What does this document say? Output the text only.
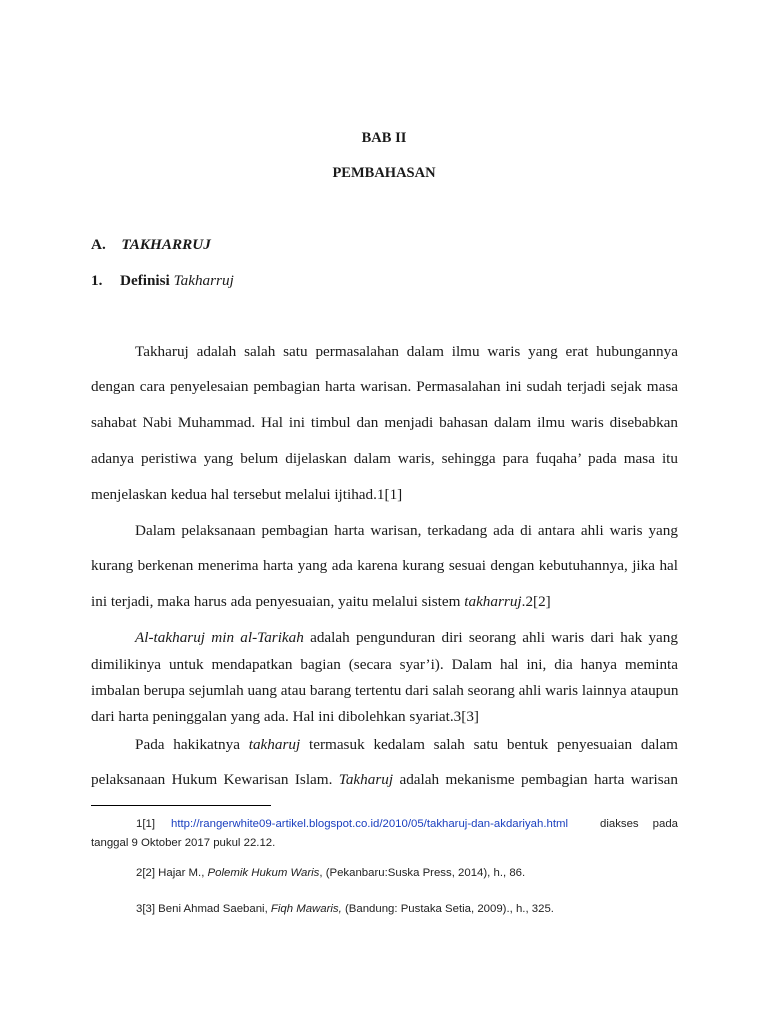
BAB II
PEMBAHASAN
A. TAKHARRUJ
1. Definisi Takharruj
Takharuj adalah salah satu permasalahan dalam ilmu waris yang erat hubungannya
dengan cara penyelesaian pembagian harta warisan. Permasalahan ini sudah terjadi sejak masa
sahabat Nabi Muhammad. Hal ini timbul dan menjadi bahasan dalam ilmu waris disebabkan
adanya peristiwa yang belum dijelaskan dalam waris, sehingga para fuqaha’ pada masa itu
menjelaskan kedua hal tersebut melalui ijtihad.1[1]
Dalam pelaksanaan pembagian harta warisan, terkadang ada di antara ahli waris yang
kurang berkenan menerima harta yang ada karena kurang sesuai dengan kebutuhannya, jika hal
ini terjadi, maka harus ada penyesuaian, yaitu melalui sistem takharruj.2[2]
Al-takharuj min al-Tarikah adalah pengunduran diri seorang ahli waris dari hak yang
dimilikinya untuk mendapatkan bagian (secara syar’i). Dalam hal ini, dia hanya meminta
imbalan berupa sejumlah uang atau barang tertentu dari salah seorang ahli waris lainnya ataupun
dari harta peninggalan yang ada. Hal ini dibolehkan syariat.3[3]
Pada hakikatnya takharuj termasuk kedalam salah satu bentuk penyesuaian dalam
pelaksanaan Hukum Kewarisan Islam. Takharuj adalah mekanisme pembagian harta warisan
1[1] http://rangerwhite09-artikel.blogspot.co.id/2010/05/takharuj-dan-akdariyah.html	diakses pada
tanggal 9 Oktober 2017 pukul 22.12.
2[2] Hajar M., Polemik Hukum Waris, (Pekanbaru:Suska Press, 2014), h., 86.
3[3] Beni Ahmad Saebani, Fiqh Mawaris, (Bandung: Pustaka Setia, 2009)., h., 325.
